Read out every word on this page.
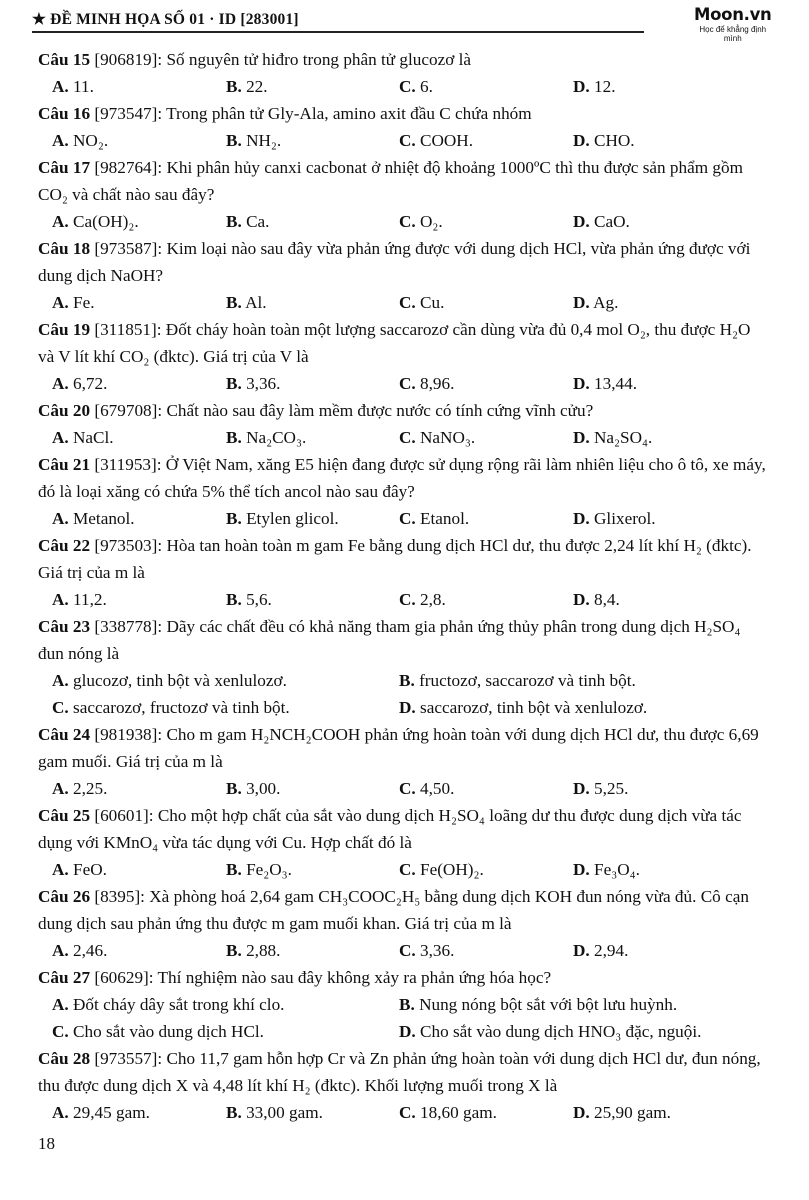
★ ĐỀ MINH HỌA SỐ 01 · ID [283001]	Moon.vn
Học để khẳng định mình

Câu 15 [906819]: Số nguyên tử hiđro trong phân tử glucozơ là

A. 11.	B. 22.	C. 6.	D. 12.

Câu 16 [973547]: Trong phân tử Gly-Ala, amino axit đầu C chứa nhóm

A. NO₂.	B. NH₂.	C. COOH.	D. CHO.

Câu 17 [982764]: Khi phân hủy canxi cacbonat ở nhiệt độ khoảng 1000ºC thì thu được sản phẩm gồm CO₂ và chất nào sau đây?

A. Ca(OH)₂.	B. Ca.	C. O₂.	D. CaO.

Câu 18 [973587]: Kim loại nào sau đây vừa phản ứng được với dung dịch HCl, vừa phản ứng được với dung dịch NaOH?

A. Fe.	B. Al.	C. Cu.	D. Ag.

Câu 19 [311851]: Đốt cháy hoàn toàn một lượng saccarozơ cần dùng vừa đủ 0,4 mol O₂, thu được H₂O và V lít khí CO₂ (đktc). Giá trị của V là

A. 6,72.	B. 3,36.	C. 8,96.	D. 13,44.

Câu 20 [679708]: Chất nào sau đây làm mềm được nước có tính cứng vĩnh cửu?

A. NaCl.	B. Na₂CO₃.	C. NaNO₃.	D. Na₂SO₄.

Câu 21 [311953]: Ở Việt Nam, xăng E5 hiện đang được sử dụng rộng rãi làm nhiên liệu cho ô tô, xe máy, đó là loại xăng có chứa 5% thể tích ancol nào sau đây?

A. Metanol.	B. Etylen glicol.	C. Etanol.	D. Glixerol.

Câu 22 [973503]: Hòa tan hoàn toàn m gam Fe bằng dung dịch HCl dư, thu được 2,24 lít khí H₂ (đktc). Giá trị của m là

A. 11,2.	B. 5,6.	C. 2,8.	D. 8,4.

Câu 23 [338778]: Dãy các chất đều có khả năng tham gia phản ứng thủy phân trong dung dịch H₂SO₄ đun nóng là

A. glucozơ, tinh bột và xenlulozơ.	B. fructozơ, saccarozơ và tinh bột.
C. saccarozơ, fructozơ và tinh bột.	D. saccarozơ, tinh bột và xenlulozơ.

Câu 24 [981938]: Cho m gam H₂NCH₂COOH phản ứng hoàn toàn với dung dịch HCl dư, thu được 6,69 gam muối. Giá trị của m là

A. 2,25.	B. 3,00.	C. 4,50.	D. 5,25.

Câu 25 [60601]: Cho một hợp chất của sắt vào dung dịch H₂SO₄ loãng dư thu được dung dịch vừa tác dụng với KMnO₄ vừa tác dụng với Cu. Hợp chất đó là

A. FeO.	B. Fe₂O₃.	C. Fe(OH)₂.	D. Fe₃O₄.

Câu 26 [8395]: Xà phòng hoá 2,64 gam CH₃COOC₂H₅ bằng dung dịch KOH đun nóng vừa đủ. Cô cạn dung dịch sau phản ứng thu được m gam muối khan. Giá trị của m là

A. 2,46.	B. 2,88.	C. 3,36.	D. 2,94.

Câu 27 [60629]: Thí nghiệm nào sau đây không xảy ra phản ứng hóa học?

A. Đốt cháy dây sắt trong khí clo.	B. Nung nóng bột sắt với bột lưu huỳnh.
C. Cho sắt vào dung dịch HCl.	D. Cho sắt vào dung dịch HNO₃ đặc, nguội.

Câu 28 [973557]: Cho 11,7 gam hỗn hợp Cr và Zn phản ứng hoàn toàn với dung dịch HCl dư, đun nóng, thu được dung dịch X và 4,48 lít khí H₂ (đktc). Khối lượng muối trong X là

A. 29,45 gam.	B. 33,00 gam.	C. 18,60 gam.	D. 25,90 gam.
18
